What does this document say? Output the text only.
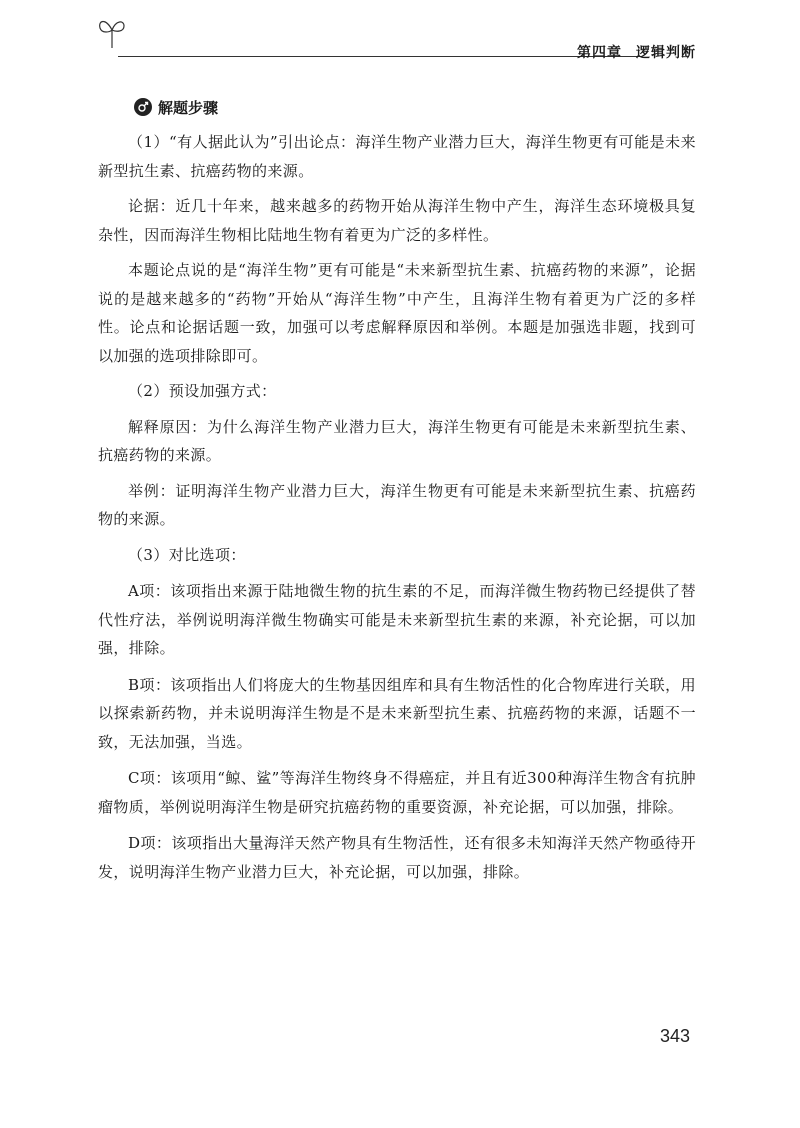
第四章 逻辑判断
解题步骤

（1）“有人据此认为”引出论点：海洋生物产业潜力巨大，海洋生物更有可能是未来新型抗生素、抗癌药物的来源。

论据：近几十年来，越来越多的药物开始从海洋生物中产生，海洋生态环境极具复杂性，因而海洋生物相比陆地生物有着更为广泛的多样性。

本题论点说的是“海洋生物”更有可能是“未来新型抗生素、抗癌药物的来源”，论据说的是越来越多的“药物”开始从“海洋生物”中产生，且海洋生物有着更为广泛的多样性。论点和论据话题一致，加强可以考虑解释原因和举例。本题是加强选非题，找到可以加强的选项排除即可。

（2）预设加强方式：

解释原因：为什么海洋生物产业潜力巨大，海洋生物更有可能是未来新型抗生素、抗癌药物的来源。

举例：证明海洋生物产业潜力巨大，海洋生物更有可能是未来新型抗生素、抗癌药物的来源。

（3）对比选项：

A项：该项指出来源于陆地微生物的抗生素的不足，而海洋微生物药物已经提供了替代性疗法，举例说明海洋微生物确实可能是未来新型抗生素的来源，补充论据，可以加强，排除。

B项：该项指出人们将庞大的生物基因组库和具有生物活性的化合物库进行关联，用以探索新药物，并未说明海洋生物是不是未来新型抗生素、抗癌药物的来源，话题不一致，无法加强，当选。

C项：该项用“鲸、鲨”等海洋生物终身不得癌症，并且有近300种海洋生物含有抗肿瘤物质，举例说明海洋生物是研究抗癌药物的重要资源，补充论据，可以加强，排除。

D项：该项指出大量海洋天然产物具有生物活性，还有很多未知海洋天然产物亟待开发，说明海洋生物产业潜力巨大，补充论据，可以加强，排除。

343
